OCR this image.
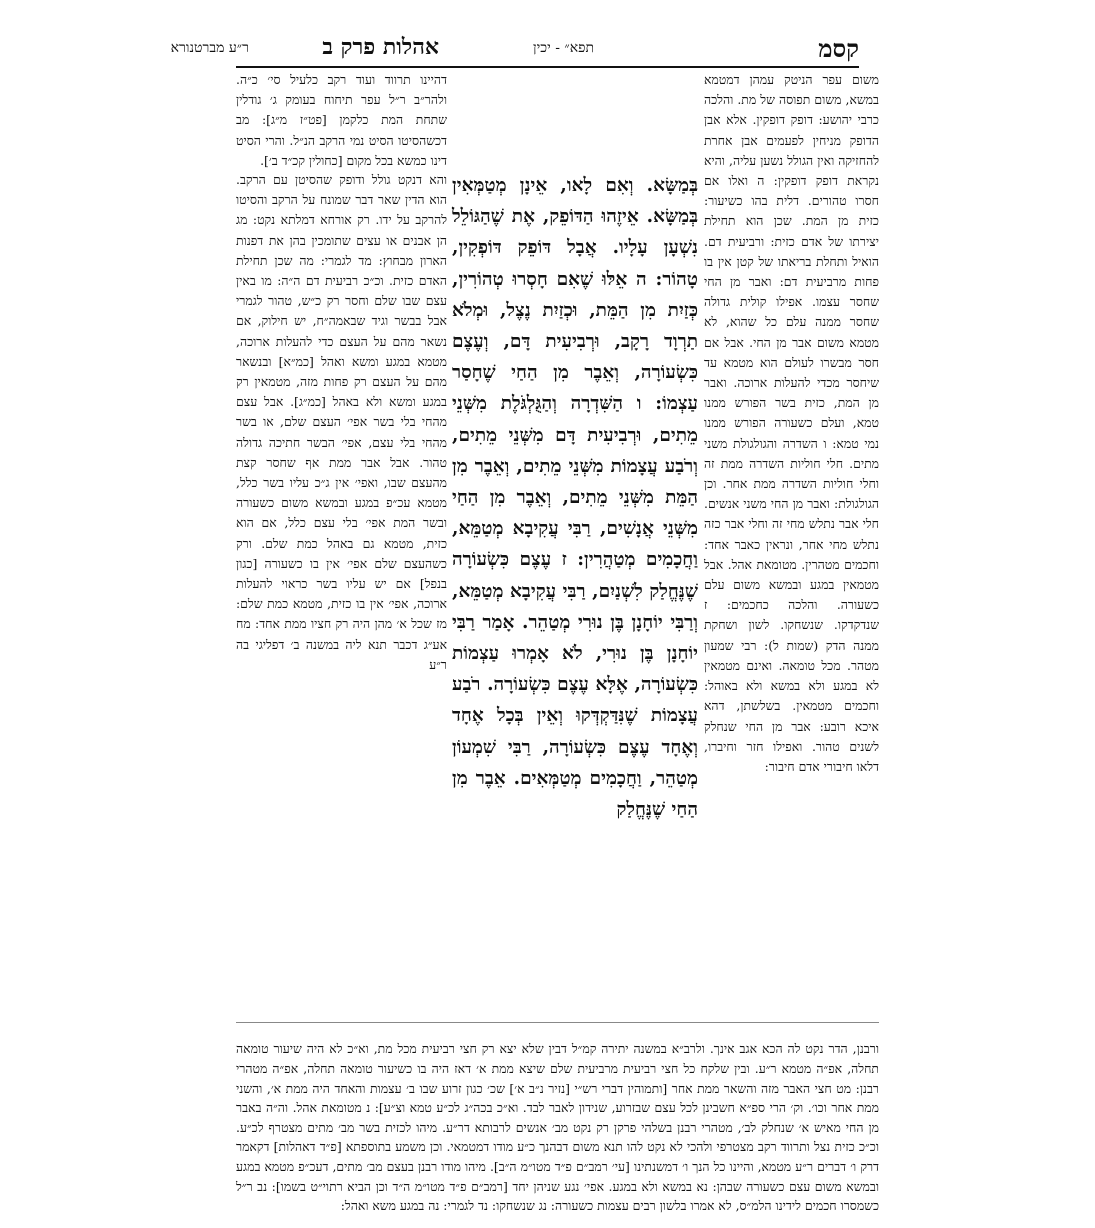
קסמ
תפא״ - יכין
אהלות פרק ב
ר״ע מברטנורא

משום עפר הניטק עמהן דמטמא במשא, משום תפוסה של מת. והלכה כרבי יהושע: דופק דופקין. אלא אבן הדופק מניחין לפעמים אבן אחרת להחזיקה ואין הגולל נשען עליה, והיא נקראת דופק דופקין: ה ואלו אם חסרו טהורים. דלית בהו כשיעור: כזית מן המת. שכן הוא תחילת יצירתו של אדם כזית: ורביעית דם. הואיל ותחלת בריאתו של קטן אין בו פחות מרביעית דם: ואבר מן החי שחסר עצמו. אפילו קולית גדולה שחסר ממנה עלם כל שהוא, לא מטמא משום אבר מן החי. אבל אם חסר מבשרו לעולם הוא מטמא עד שיחסר מכדי להעלות ארוכה. ואבר מן המת, כזית בשר הפורש ממנו טמא, ועלם כשעורה הפורש ממנו נמי טמא: ו השדרה והגולגולת משני מתים. חלי חוליות השדרה ממת זה וחלי חוליות השדרה ממת אחר. וכן הגולגולת: ואבר מן החי משני אנשים. חלי אבר נתלש מחי זה וחלי אבר כזה נתלש מחי אחר, ונראין כאבר אחד: וחכמים מטהרין. מטומאת אהל. אבל מטמאין במגע ובמשא משום עלם כשעורה. והלכה כחכמים: ז שנדקדקו. שנשחקו. לשון ושחקת ממנה הדק (שמות ל): רבי שמעון מטהר. מכל טומאה. ואינם מטמאין לא במגע ולא במשא ולא באוהל: וחכמים מטמאין. בשלשתן, דהא איכא רובע: אבר מן החי שנחלק לשנים טהור. ואפילו חזר וחיברו, דלאו חיבורי אדם חיבור:

דהיינו תרווד ועוד רקב כלעיל סי׳ כ״ה. ולהר״ב ר״ל עפר תיחוח בעומק ג׳ גודלין שתחת המת כלקמן [פט״ז מ״ג]: מב דכשהסיטו הסיט נמי הרקב הנ״ל. והרי הסיט דינו כמשא בכל מקום [כחולין קכ״ד ב׳].

והא דנקט גולל ודופק שהסיטן עם הרקב. הוא הדין שאר דבר שמונח על הרקב והסיטו להרקב על ידו. רק אורחא דמלתא נקט: מג הן אבנים או עצים שתומכין בהן את דפנות הארון מבחוץ: מד לגמרי: מה שכן תחילת האדם כזית. וכ״כ רביעית דם ה״ה: מו באין עצם שבו שלם וחסר רק כ״ש, טהור לגמרי אבל בבשר וגיד שבאמה״ח, יש חילוק, אם נשאר מהם על העצם כדי להעלות ארוכה, מטמא במגע ומשא ואהל [כמ״א] ובנשאר מהם על העצם רק פחות מזה, מטמאין רק במגע ומשא ולא באהל [כמ״ג]. אבל עצם מהחי בלי בשר אפי׳ העצם שלם, או בשר מהחי בלי עצם, אפי׳ הבשר חתיכה גדולה טהור. אבל אבר ממת אף שחסר קצת מהעצם שבו, ואפי׳ אין ג״כ עליו בשר כלל, מטמא עכ״פ במגע ובמשא משום כשעורה ובשר המת אפי׳ בלי עצם כלל, אם הוא כזית, מטמא גם באהל כמת שלם. ורק כשהעצם שלם אפי׳ אין בו כשעורה [כגון בנפל] אם יש עליו בשר כראוי להעלות ארוכה, אפי׳ אין בו כזית, מטמא כמת שלם: מז שכל א׳ מהן היה רק חציו ממת אחד: מח אע״ג דכבר תנא ליה במשנה ב׳ דפליגי בה ר״ע

בְּמַשָּׂא. וְאִם לָאו, אֵינָן מְטַמְּאִין בְּמַשָּׂא. אֵיזֶהוּ הַדּוֹפֵק, אֶת שֶׁהַגּוֹלֵל נִשְׁעָן עָלָיו. אֲבָל דּוֹפֵק דּוֹפְקִין, טָהוֹר: ה אֵלּוּ שֶׁאִם חָסְרוּ טְהוֹרִין, כְּזַיִת מִן הַמֵּת, וּכְזַיִת נֶצֶל, וּמְלֹא תַרְוָד רָקָב, וּרְבִיעִית דָּם, וְעֶצֶם כִּשְׂעוֹרָה, וְאֵבֶר מִן הַחַי שֶׁחָסַר עַצְמוֹ: ו הַשִּׁדְרָה וְהַגֻּלְגֹּלֶת מִשְּׁנֵי מֵתִים, וּרְבִיעִית דָּם מִשְּׁנֵי מֵתִים, וְרֹבַע עֲצָמוֹת מִשְּׁנֵי מֵתִים, וְאֵבֶר מִן הַמֵּת מִשְּׁנֵי מֵתִים, וְאֵבֶר מִן הַחַי מִשְּׁנֵי אֲנָשִׁים, רַבִּי עֲקִיבָא מְטַמֵּא, וַחֲכָמִים מְטַהֲרִין: ז עֶצֶם כִּשְׂעוֹרָה שֶׁנֶּחֱלַק לִשְׁנַיִם, רַבִּי עֲקִיבָא מְטַמֵּא, וְרַבִּי יוֹחָנָן בֶּן נוּרִי מְטַהֵר. אָמַר רַבִּי יוֹחָנָן בֶּן נוּרִי, לֹא אָמְרוּ עַצְמוֹת כִּשְׂעוֹרָה, אֶלָּא עֶצֶם כִּשְׂעוֹרָה. רֹבַע עֲצָמוֹת שֶׁנִּדַּקְדְּקוּ וְאֵין בְּכָל אֶחָד וְאֶחָד עֶצֶם כִּשְׂעוֹרָה, רַבִּי שִׁמְעוֹן מְטַהֵר, וַחֲכָמִים מְטַמְּאִים. אֵבֶר מִן הַחַי שֶׁנֶּחֱלַק

ורבנן, הדר נקט לה הכא אגב אינך. ולרב״א במשנה יתירה קמ״ל דבין שלא יצא רק חצי רביעית מכל מת, וא״כ לא היה שיעור טומאה תחלה, אפ״ה מטמא ר״ע. ובין שלקח כל חצי רביעית מרביעית שלם שיצא ממת א׳ דאז היה בו כשיעור טומאה תחלה, אפ״ה מטהרי רבנן: מט חצי האבר מזה והשאר ממת אחר [ותמוהין דברי רש״י [נזיר נ״ב א׳] שכ׳ כגון זרוע שבו ב׳ עצמות והאחד היה ממת א׳, והשני ממת אחר וכו׳. וק׳ הרי ספ״א חשבינן לכל עצם שבזרוע, שנידון לאבר לבד. וא״כ בכה״ג לכ״ע טמא וצ״ע]: נ מטומאת אהל. וה״ה באבר מן החי מאיש א׳ שנחלק לב׳, מטהרי רבנן בשלהי פרקן רק נקט מב׳ אנשים לרבותא דר״ע. מיהו לכזית בשר מב׳ מתים מצטרף לכ״ע. וכ״כ כזית נצל ותרווד רקב מצטרפי ולהכי לא נקט להו תנא משום דבהנך כ״ע מודו דמטמאי. וכן משמע בתוספתא [פ״ד דאהלות] דקאמר דרק ו׳ דברים ר״ע מטמא, והיינו כל הנך ו׳ דמשנתינו [עי׳ רמב״ם פ״ד מטו״מ ה״ב]. מיהו מודו רבנן בעצם מב׳ מתים, דעכ״פ מטמא במגע ובמשא משום עצם כשעורה שבהן: נא במשא ולא במגע. אפי׳ נגע שניהן יחד [רמב״ם פ״ד מטו״מ ה״ד וכן הביא רתוי״ט בשמו]: נב ר״ל כשמסרו חכמים לידינו הלמ״ס, לא אמרו בלשון רבים עצמות כשעורה: נג שנשחקו: נד לגמרי: נה במגע משא ואהל:
